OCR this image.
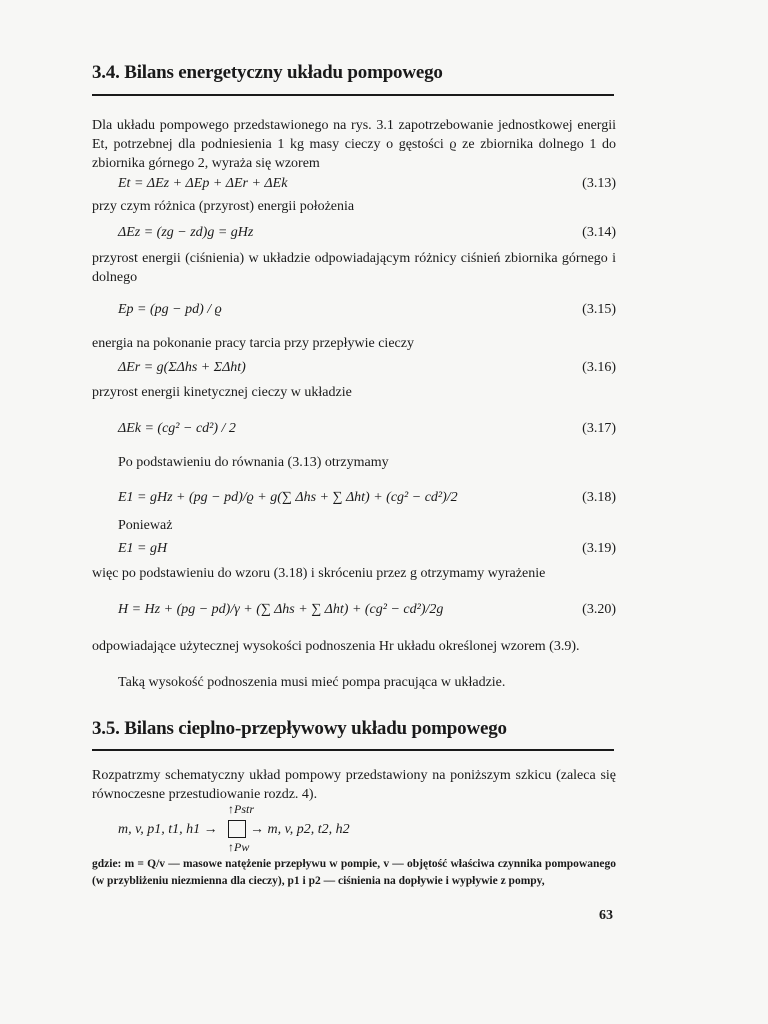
3.4. Bilans energetyczny układu pompowego
Dla układu pompowego przedstawionego na rys. 3.1 zapotrzebowanie jednostkowej energii Et, potrzebnej dla podniesienia 1 kg masy cieczy o gęstości ϱ ze zbiornika dolnego 1 do zbiornika górnego 2, wyraża się wzorem
Et = ΔEz + ΔEp + ΔEr + ΔEk	(3.13)
przy czym różnica (przyrost) energii położenia
ΔEz = (zg − zd)g = gHz	(3.14)
przyrost energii (ciśnienia) w układzie odpowiadającym różnicy ciśnień zbiornika górnego i dolnego
Ep = (pg − pd) / ϱ	(3.15)
energia na pokonanie pracy tarcia przy przepływie cieczy
ΔEr = g(ΣΔhs + ΣΔht)	(3.16)
przyrost energii kinetycznej cieczy w układzie
ΔEk = (cg² − cd²) / 2	(3.17)
Po podstawieniu do równania (3.13) otrzymamy
E1 = gHz + (pg − pd)/ϱ + g(∑ Δhs + ∑ Δht) + (cg² − cd²)/2	(3.18)
Ponieważ
E1 = gH	(3.19)
więc po podstawieniu do wzoru (3.18) i skróceniu przez g otrzymamy wyrażenie
H = Hz + (pg − pd)/γ + (∑ Δhs + ∑ Δht) + (cg² − cd²)/2g	(3.20)
odpowiadające użytecznej wysokości podnoszenia Hr układu określonej wzorem (3.9).
Taką wysokość podnoszenia musi mieć pompa pracująca w układzie.
3.5. Bilans cieplno-przepływowy układu pompowego
Rozpatrzmy schematyczny układ pompowy przedstawiony na poniższym szkicu (zaleca się równoczesne przestudiowanie rozdz. 4).
↑Pstr
m, v, p1, t1, h1 → → m, v, p2, t2, h2
↑Pw
gdzie: m = Q/v — masowe natężenie przepływu w pompie, v — objętość właściwa czynnika pompowanego (w przybliżeniu niezmienna dla cieczy), p1 i p2 — ciśnienia na dopływie i wypływie z pompy,
63
